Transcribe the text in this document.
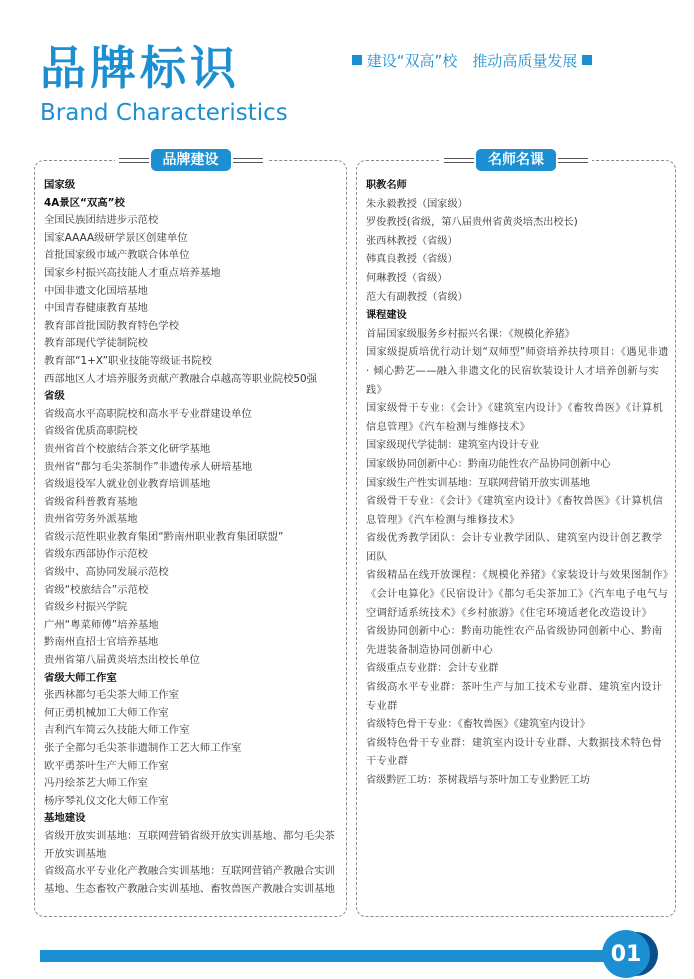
品牌标识
Brand Characteristics
建设“双高”校　推动高质量发展
品牌建设
国家级
4A景区“双高”校
全国民族团结进步示范校
国家AAAA级研学景区创建单位
首批国家级市域产教联合体单位
国家乡村振兴高技能人才重点培养基地
中国非遗文化国培基地
中国青春健康教育基地
教育部首批国防教育特色学校
教育部现代学徒制院校
教育部“1+X”职业技能等级证书院校
西部地区人才培养服务贡献产教融合卓越高等职业院校50强
省级
省级高水平高职院校和高水平专业群建设单位
省级省优质高职院校
贵州省首个校旅结合茶文化研学基地
贵州省“都匀毛尖茶制作”非遗传承人研培基地
省级退役军人就业创业教育培训基地
省级省科普教育基地
贵州省劳务外派基地
省级示范性职业教育集团“黔南州职业教育集团联盟”
省级东西部协作示范校
省级中、高协同发展示范校
省级“校旅结合”示范校
省级乡村振兴学院
广州“粤菜师傅”培养基地
黔南州直招士官培养基地
贵州省第八届黄炎培杰出校长单位
省级大师工作室
张西林都匀毛尖茶大师工作室
何正勇机械加工大师工作室
吉利汽车简云久技能大师工作室
张子全都匀毛尖茶非遗制作工艺大师工作室
欧平勇茶叶生产大师工作室
冯丹绘茶艺大师工作室
杨序琴礼仪文化大师工作室
基地建设
省级开放实训基地：互联网营销省级开放实训基地、都匀毛尖茶开放实训基地
省级高水平专业化产教融合实训基地：互联网营销产教融合实训基地、生态畜牧产教融合实训基地、畜牧兽医产教融合实训基地
名师名课
职教名师
朱永毅教授（国家级）
罗俊教授(省级，第八届贵州省黄炎培杰出校长)
张西林教授（省级）
韩真良教授（省级）
何琳教授（省级）
范大有副教授（省级）
课程建设
首届国家级服务乡村振兴名课：《规模化养猪》
国家级提质培优行动计划“双师型”师资培养扶持项目：《遇见非遗 · 倾心黔艺——融入非遗文化的民宿软装设计人才培养创新与实践》
国家级骨干专业：《会计》《建筑室内设计》《畜牧兽医》《计算机信息管理》《汽车检测与维修技术》
国家级现代学徒制：建筑室内设计专业
国家级协同创新中心：黔南功能性农产品协同创新中心
国家级生产性实训基地：互联网营销开放实训基地
省级骨干专业：《会计》《建筑室内设计》《畜牧兽医》《计算机信息管理》《汽车检测与维修技术》
省级优秀教学团队：会计专业教学团队、建筑室内设计创艺教学团队
省级精品在线开放课程：《规模化养猪》《家装设计与效果图制作》《会计电算化》《民宿设计》《都匀毛尖茶加工》《汽车电子电气与空调舒适系统技术》《乡村旅游》《住宅环境适老化改造设计》
省级协同创新中心：黔南功能性农产品省级协同创新中心、黔南先进装备制造协同创新中心
省级重点专业群：会计专业群
省级高水平专业群：茶叶生产与加工技术专业群、建筑室内设计专业群
省级特色骨干专业：《畜牧兽医》《建筑室内设计》
省级特色骨干专业群：建筑室内设计专业群、大数据技术特色骨干专业群
省级黔匠工坊：茶树栽培与茶叶加工专业黔匠工坊
01
